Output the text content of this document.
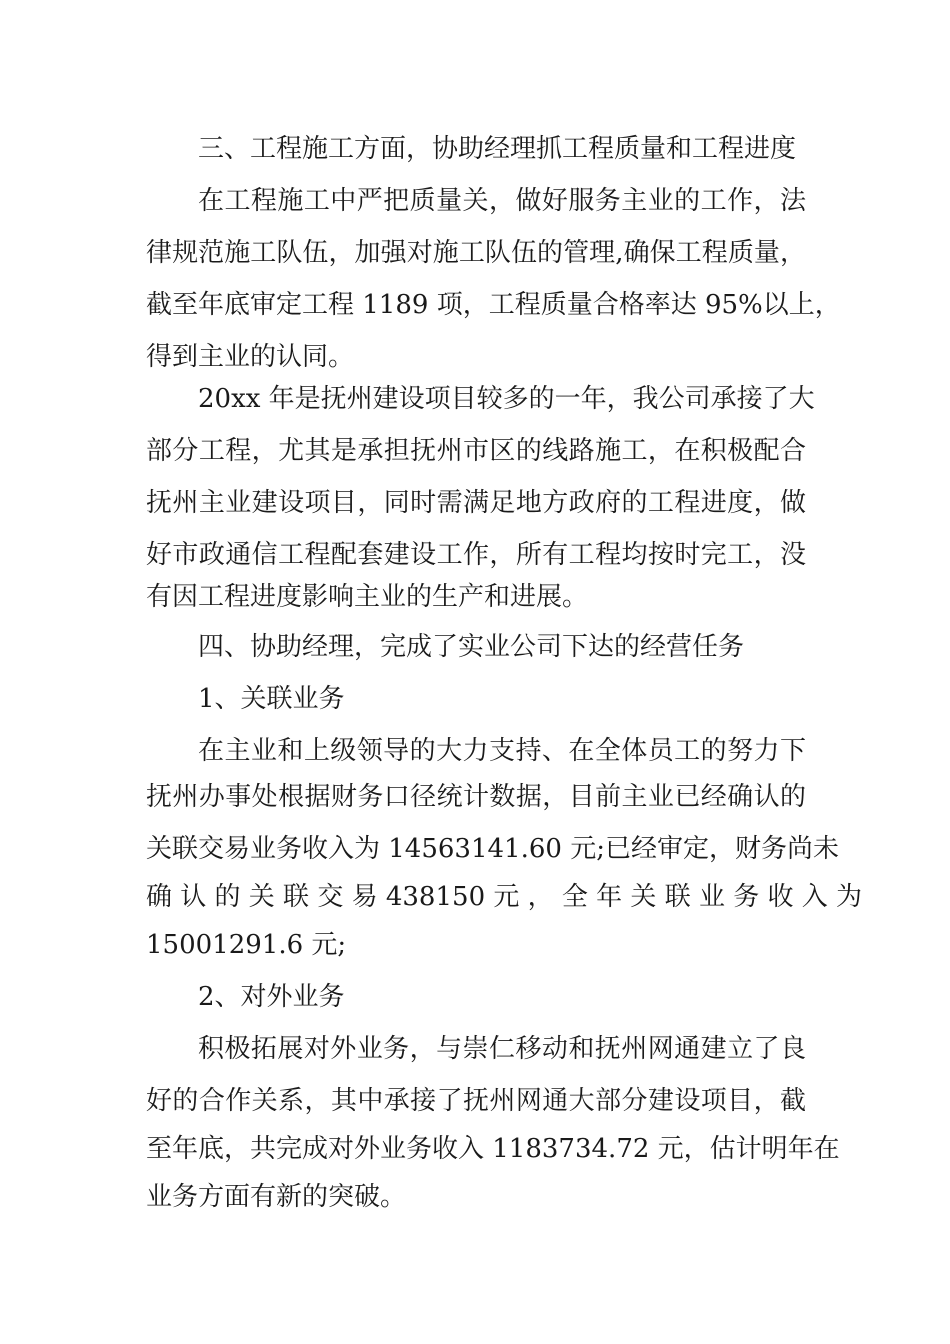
三、工程施工方面，协助经理抓工程质量和工程进度

在工程施工中严把质量关，做好服务主业的工作，法

律规范施工队伍，加强对施工队伍的管理,确保工程质量，

截至年底审定工程 1189 项，工程质量合格率达 95%以上，

得到主业的认同。

20xx 年是抚州建设项目较多的一年，我公司承接了大

部分工程，尤其是承担抚州市区的线路施工，在积极配合

抚州主业建设项目，同时需满足地方政府的工程进度，做

好市政通信工程配套建设工作，所有工程均按时完工，没

有因工程进度影响主业的生产和进展。

四、协助经理，完成了实业公司下达的经营任务

1、关联业务

在主业和上级领导的大力支持、在全体员工的努力下

抚州办事处根据财务口径统计数据，目前主业已经确认的

关联交易业务收入为 14563141.60 元;已经审定，财务尚未

确 认 的 关 联 交 易 438150 元 ， 全 年 关 联 业 务 收 入 为

15001291.6 元;

2、对外业务

积极拓展对外业务，与崇仁移动和抚州网通建立了良

好的合作关系，其中承接了抚州网通大部分建设项目，截

至年底，共完成对外业务收入 1183734.72 元，估计明年在

业务方面有新的突破。
